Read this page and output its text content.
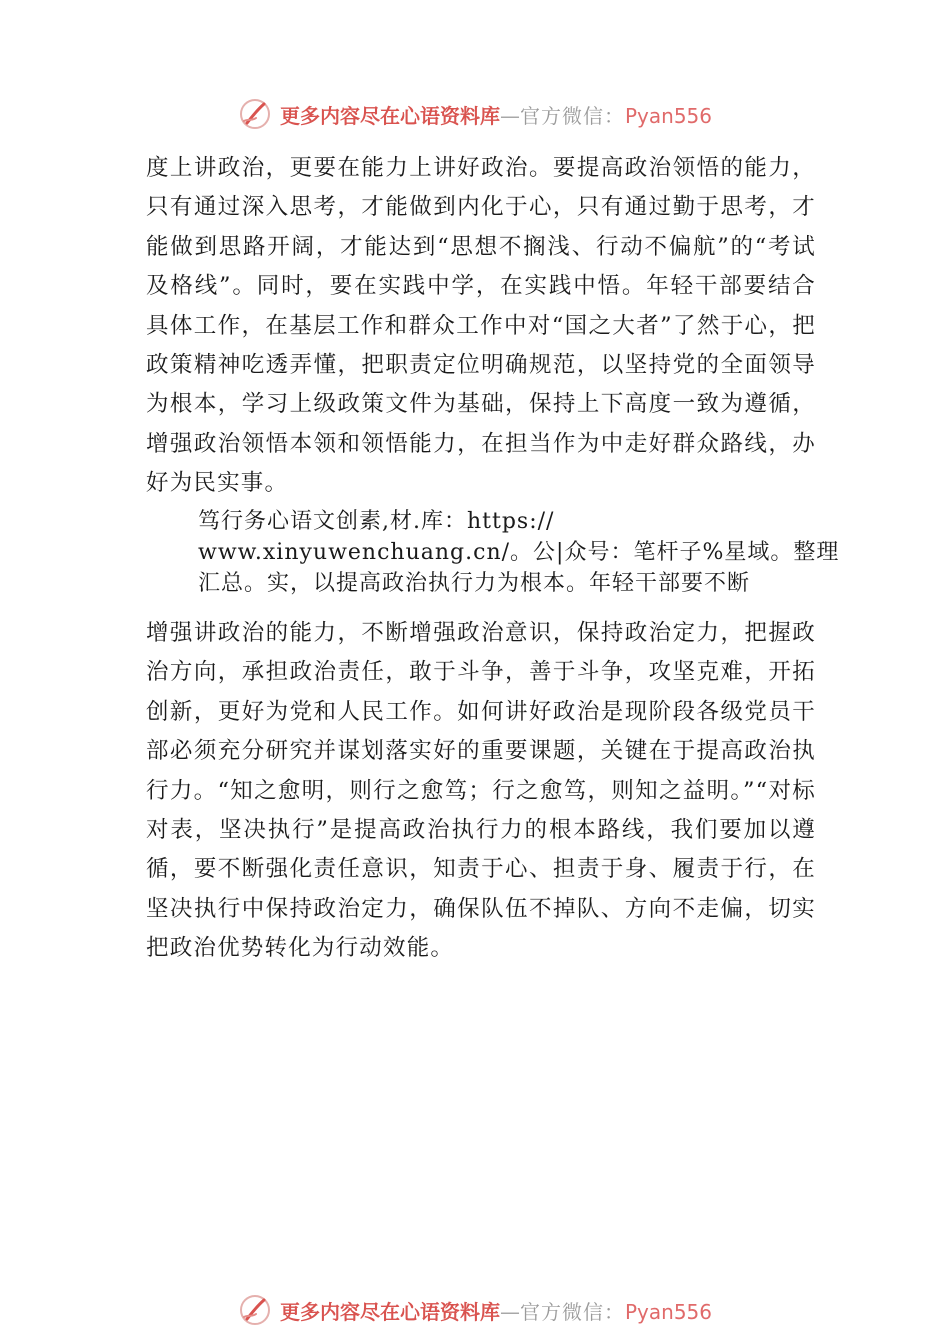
更多内容尽在心语资料库—官方微信：Pyan556

度上讲政治，更要在能力上讲好政治。要提高政治领悟的能力，只有通过深入思考，才能做到内化于心，只有通过勤于思考，才能做到思路开阔，才能达到“思想不搁浅、行动不偏航”的“考试及格线”。同时，要在实践中学，在实践中悟。年轻干部要结合具体工作，在基层工作和群众工作中对“国之大者”了然于心，把政策精神吃透弄懂，把职责定位明确规范，以坚持党的全面领导为根本，学习上级政策文件为基础，保持上下高度一致为遵循，增强政治领悟本领和领悟能力，在担当作为中走好群众路线，办好为民实事。

笃行务心语文创素,材.库：https://
www.xinyuwenchuang.cn/。公|众号：笔杆子%星域。整理
汇总。实，以提高政治执行力为根本。年轻干部要不断

增强讲政治的能力，不断增强政治意识，保持政治定力，把握政治方向，承担政治责任，敢于斗争，善于斗争，攻坚克难，开拓创新，更好为党和人民工作。如何讲好政治是现阶段各级党员干部必须充分研究并谋划落实好的重要课题，关键在于提高政治执行力。“知之愈明，则行之愈笃；行之愈笃，则知之益明。”“对标对表，坚决执行”是提高政治执行力的根本路线，我们要加以遵循，要不断强化责任意识，知责于心、担责于身、履责于行，在坚决执行中保持政治定力，确保队伍不掉队、方向不走偏，切实把政治优势转化为行动效能。

更多内容尽在心语资料库—官方微信：Pyan556
